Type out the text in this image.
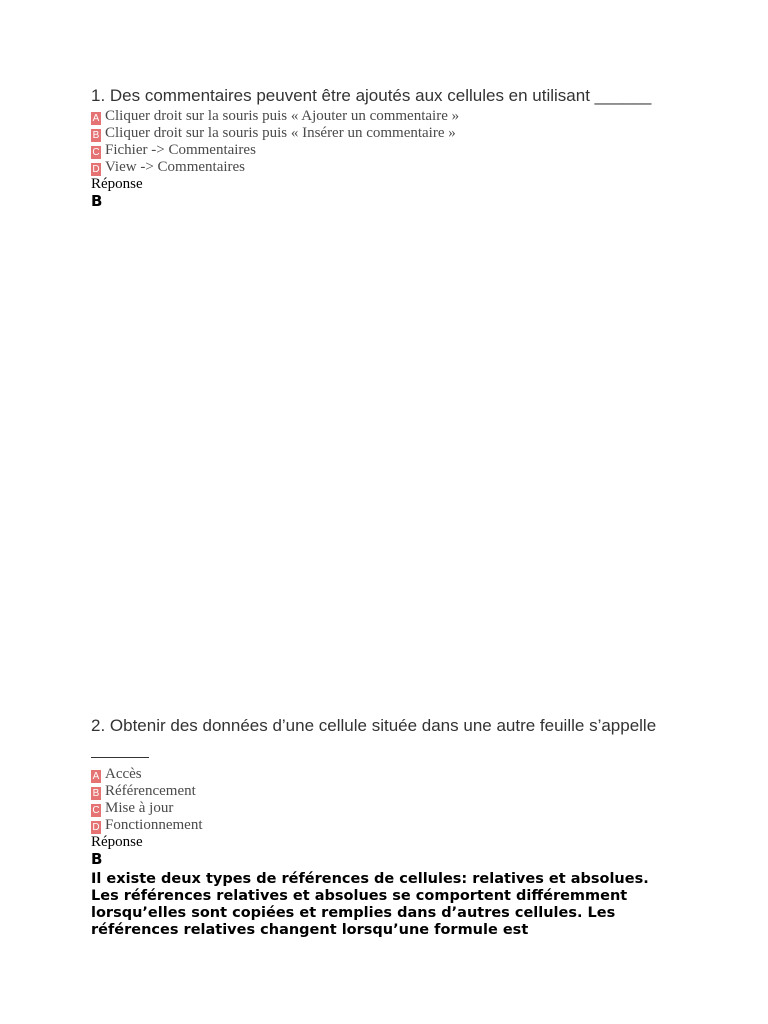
1. Des commentaires peuvent être ajoutés aux cellules en utilisant ______
A Cliquer droit sur la souris puis « Ajouter un commentaire »
B Cliquer droit sur la souris puis « Insérer un commentaire »
C Fichier -> Commentaires
D View -> Commentaires
Réponse
B
2. Obtenir des données d’une cellule située dans une autre feuille s’appelle

A Accès
B Référencement
C Mise à jour
D Fonctionnement
Réponse
B
Il existe deux types de références de cellules: relatives et absolues. Les références relatives et absolues se comportent différemment lorsqu’elles sont copiées et remplies dans d’autres cellules. Les références relatives changent lorsqu’une formule est
